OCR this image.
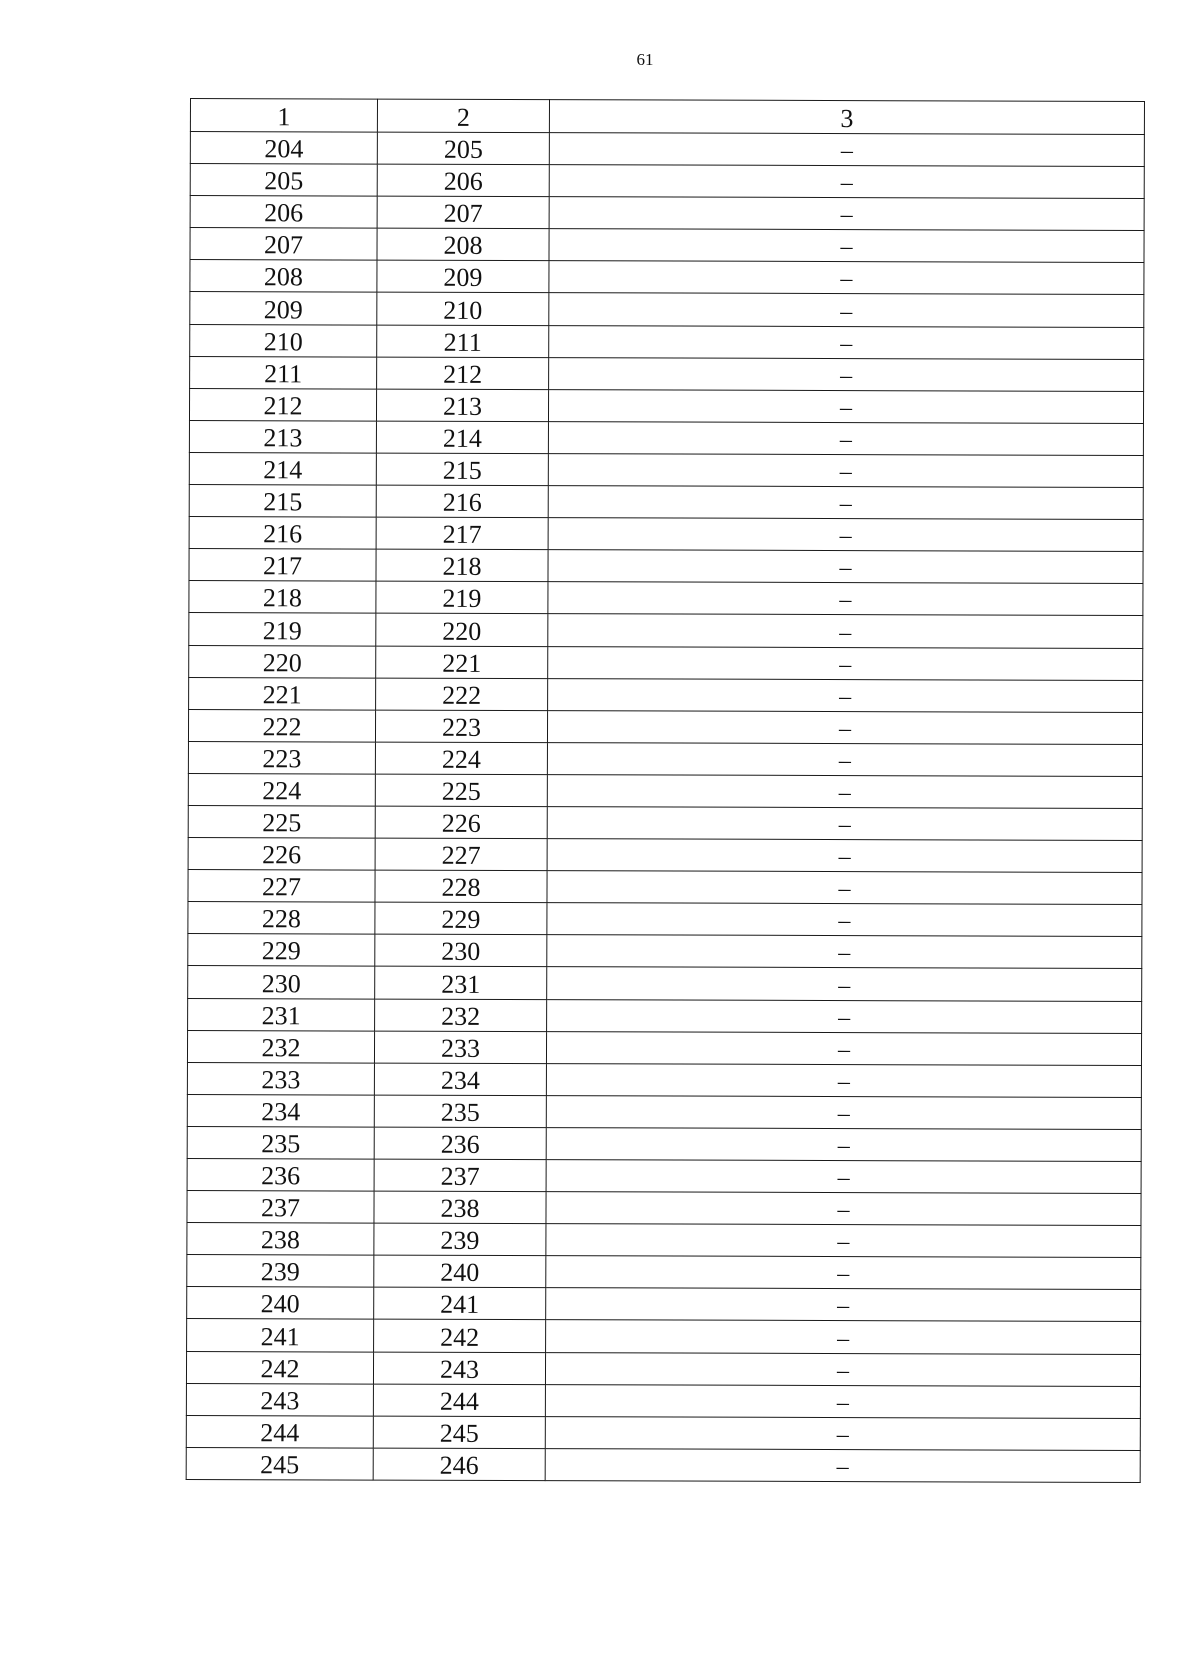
61
1	2	3
204	205	–
205	206	–
206	207	–
207	208	–
208	209	–
209	210	–
210	211	–
211	212	–
212	213	–
213	214	–
214	215	–
215	216	–
216	217	–
217	218	–
218	219	–
219	220	–
220	221	–
221	222	–
222	223	–
223	224	–
224	225	–
225	226	–
226	227	–
227	228	–
228	229	–
229	230	–
230	231	–
231	232	–
232	233	–
233	234	–
234	235	–
235	236	–
236	237	–
237	238	–
238	239	–
239	240	–
240	241	–
241	242	–
242	243	–
243	244	–
244	245	–
245	246	–
